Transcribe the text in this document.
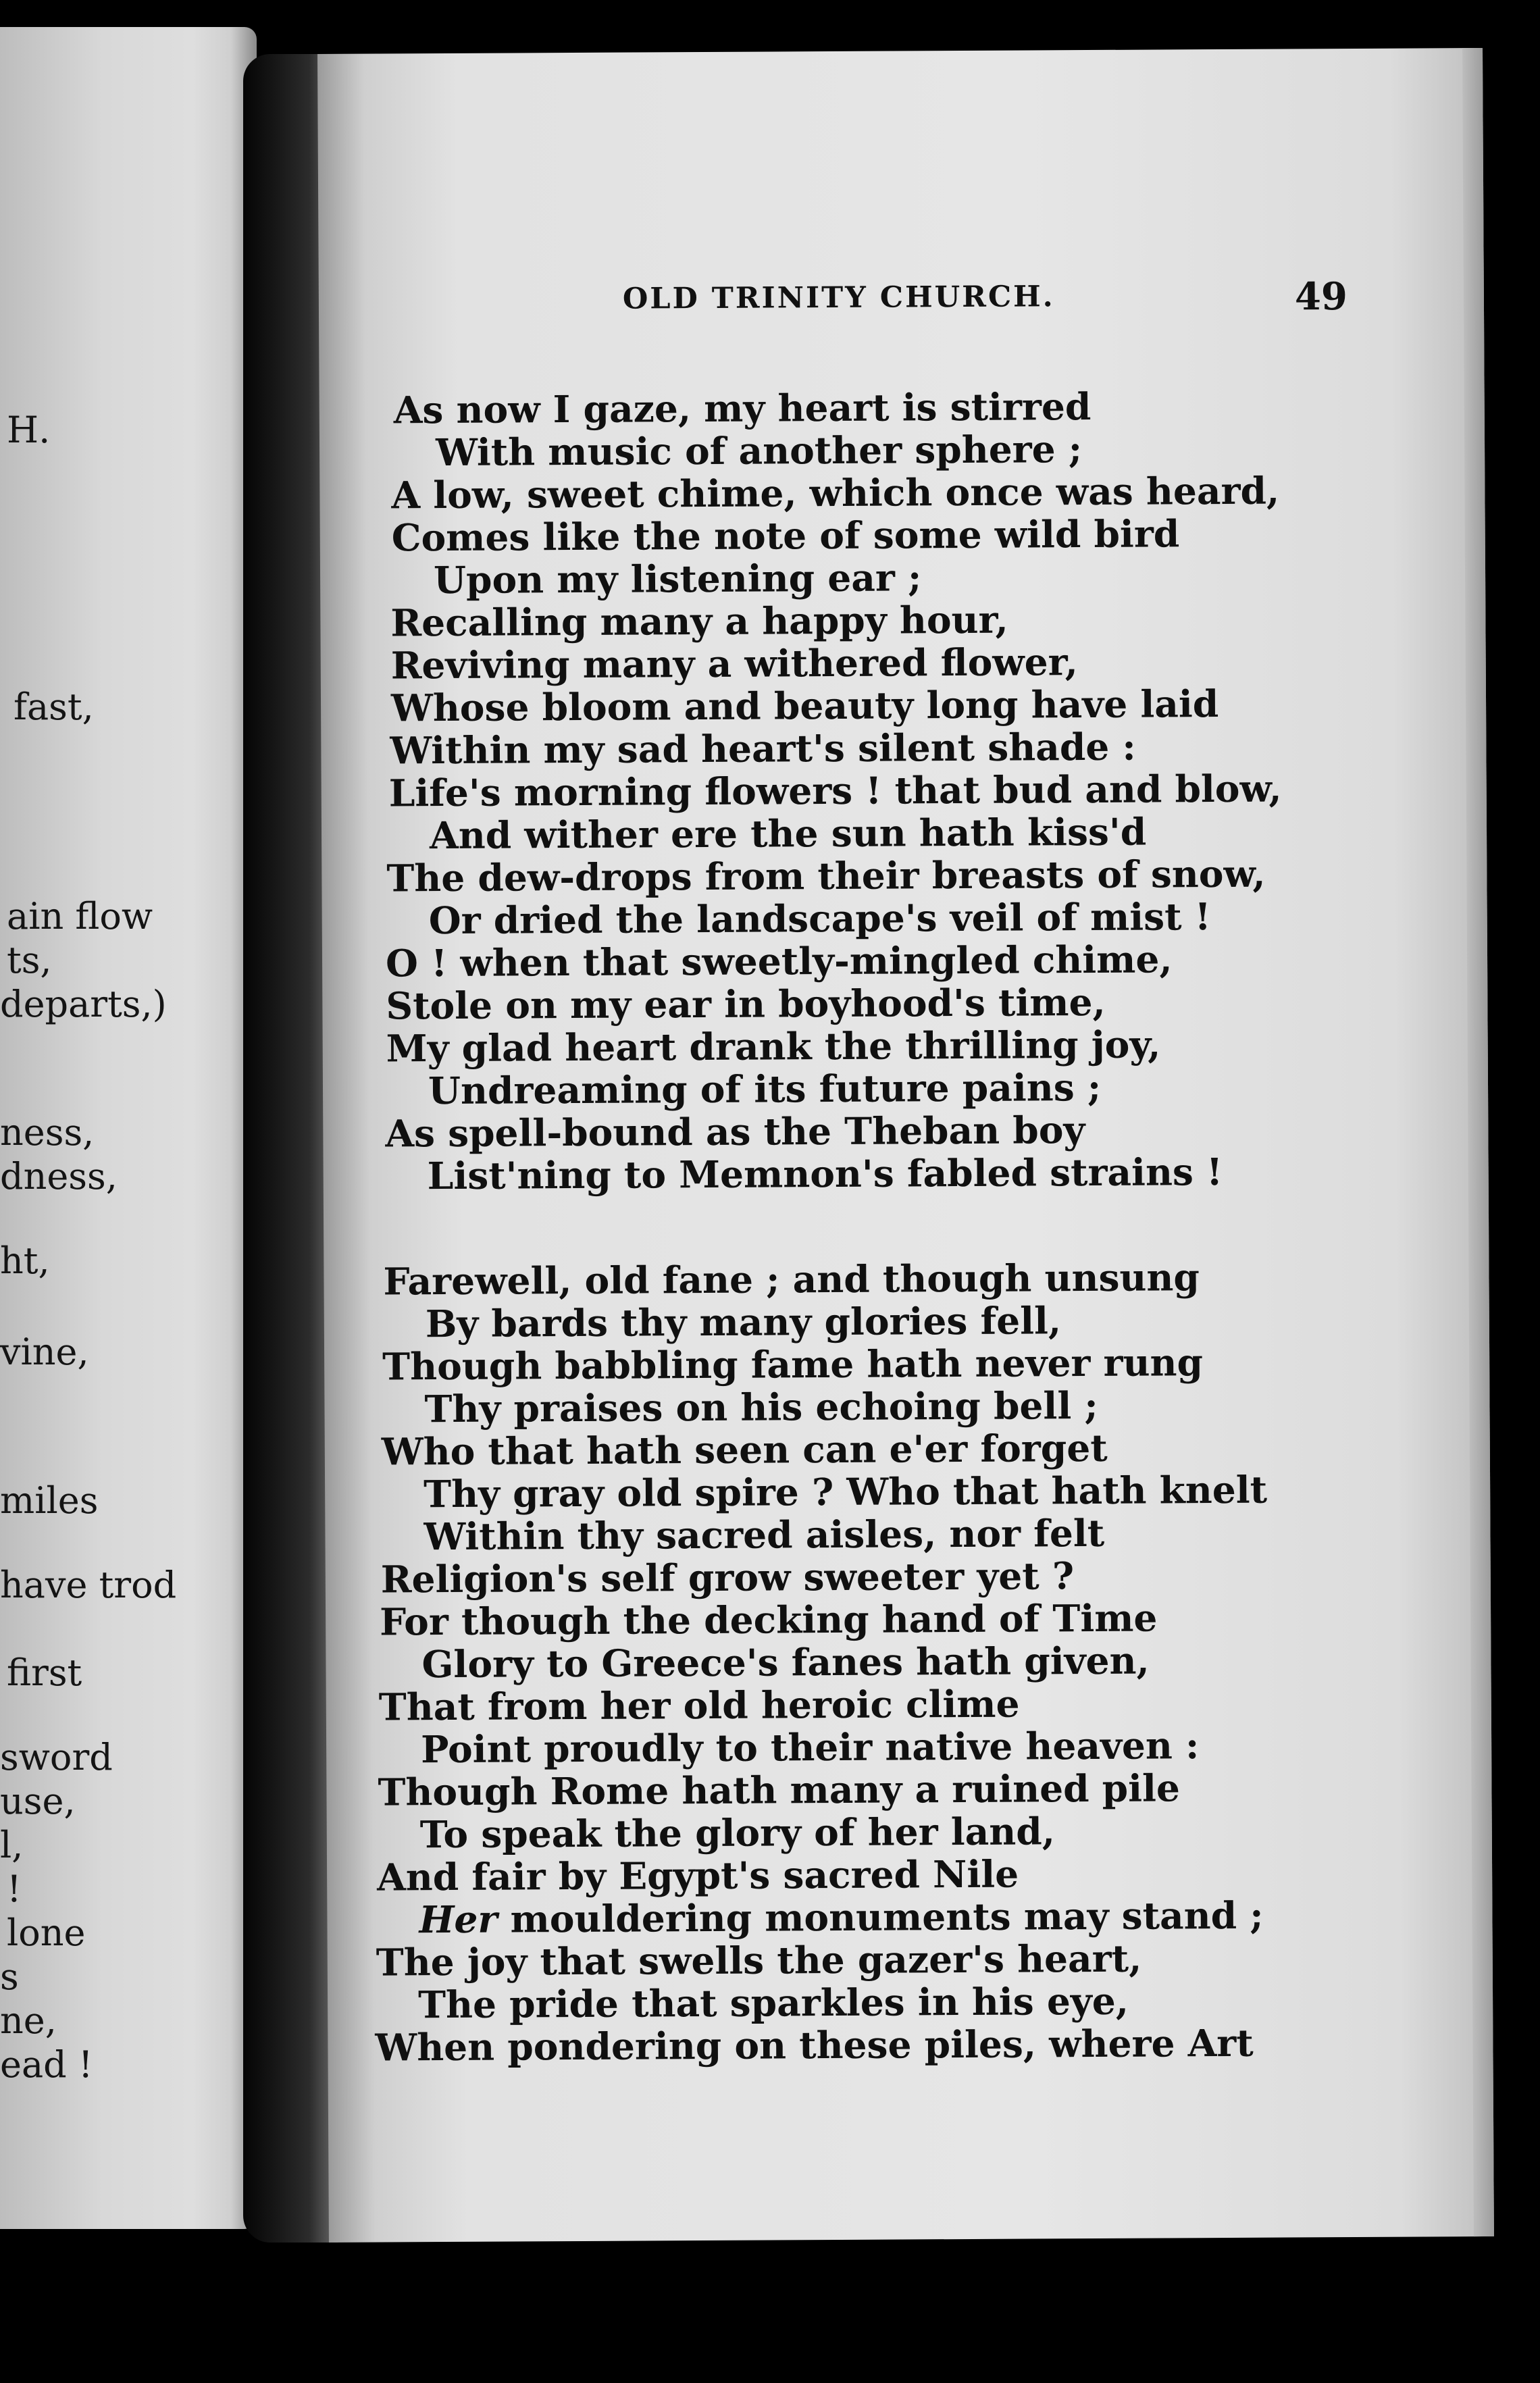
H.
fast,
ain flow
ts,
departs,)
ness,
dness,
ht,
vine,
miles
have trod
first
sword
use,
l,
!
lone
s
ne,
ead !
OLD TRINITY CHURCH.	49
As now I gaze, my heart is stirred
With music of another sphere ;
A low, sweet chime, which once was heard,
Comes like the note of some wild bird
Upon my listening ear ;
Recalling many a happy hour,
Reviving many a withered flower,
Whose bloom and beauty long have laid
Within my sad heart's silent shade :
Life's morning flowers ! that bud and blow,
And wither ere the sun hath kiss'd
The dew-drops from their breasts of snow,
Or dried the landscape's veil of mist !
O ! when that sweetly-mingled chime,
Stole on my ear in boyhood's time,
My glad heart drank the thrilling joy,
Undreaming of its future pains ;
As spell-bound as the Theban boy
List'ning to Memnon's fabled strains !
Farewell, old fane ; and though unsung
By bards thy many glories fell,
Though babbling fame hath never rung
Thy praises on his echoing bell ;
Who that hath seen can e'er forget
Thy gray old spire ? Who that hath knelt
Within thy sacred aisles, nor felt
Religion's self grow sweeter yet ?
For though the decking hand of Time
Glory to Greece's fanes hath given,
That from her old heroic clime
Point proudly to their native heaven :
Though Rome hath many a ruined pile
To speak the glory of her land,
And fair by Egypt's sacred Nile
Her mouldering monuments may stand ;
The joy that swells the gazer's heart,
The pride that sparkles in his eye,
When pondering on these piles, where Art
